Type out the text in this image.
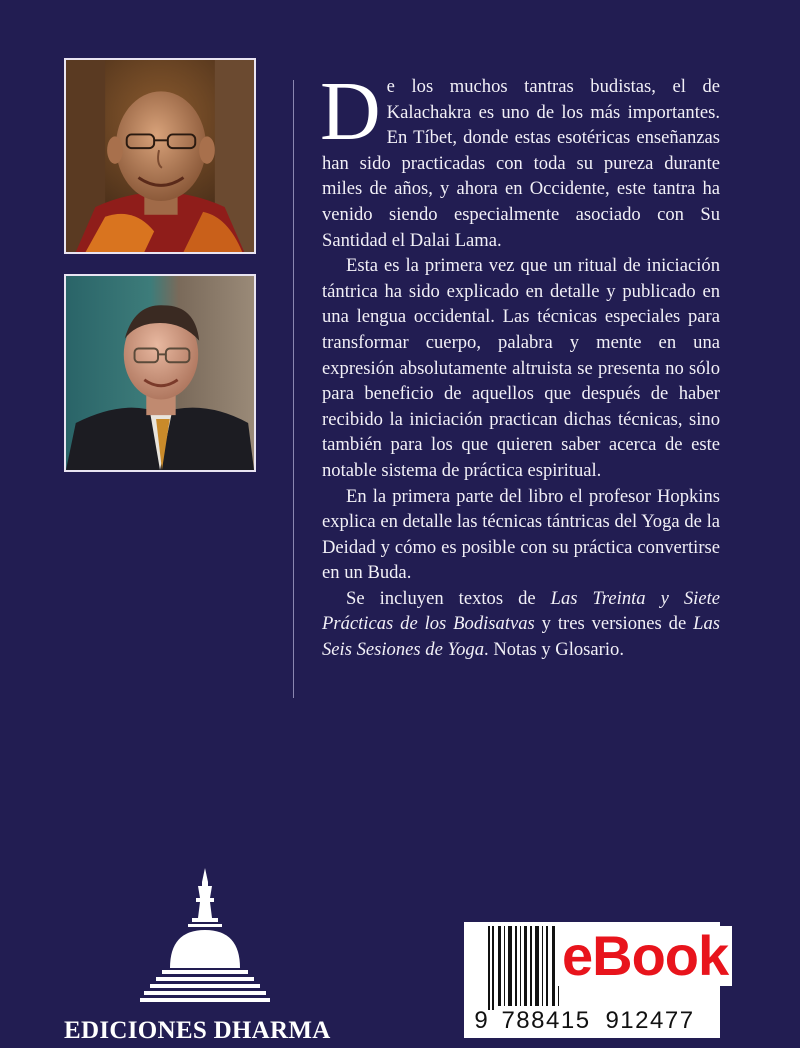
De los muchos tantras budistas, el de Kalachakra es uno de los más importantes. En Tíbet, donde estas esotéricas enseñanzas han sido practicadas con toda su pureza durante miles de años, y ahora en Occidente, este tantra ha venido siendo especialmente asociado con Su Santidad el Dalai Lama.

Esta es la primera vez que un ritual de iniciación tántrica ha sido explicado en detalle y publicado en una lengua occidental. Las técnicas especiales para transformar cuerpo, palabra y mente en una expresión absolutamente altruista se presenta no sólo para beneficio de aquellos que después de haber recibido la iniciación practican dichas técnicas, sino también para los que quieren saber acerca de este notable sistema de práctica espiritual.

En la primera parte del libro el profesor Hopkins explica en detalle las técnicas tántricas del Yoga de la Deidad y cómo es posible con su práctica convertirse en un Buda.

Se incluyen textos de Las Treinta y Siete Prácticas de los Bodisatvas y tres versiones de Las Seis Sesiones de Yoga. Notas y Glosario.

EDICIONES DHARMA
eBook
9 788415 912477
